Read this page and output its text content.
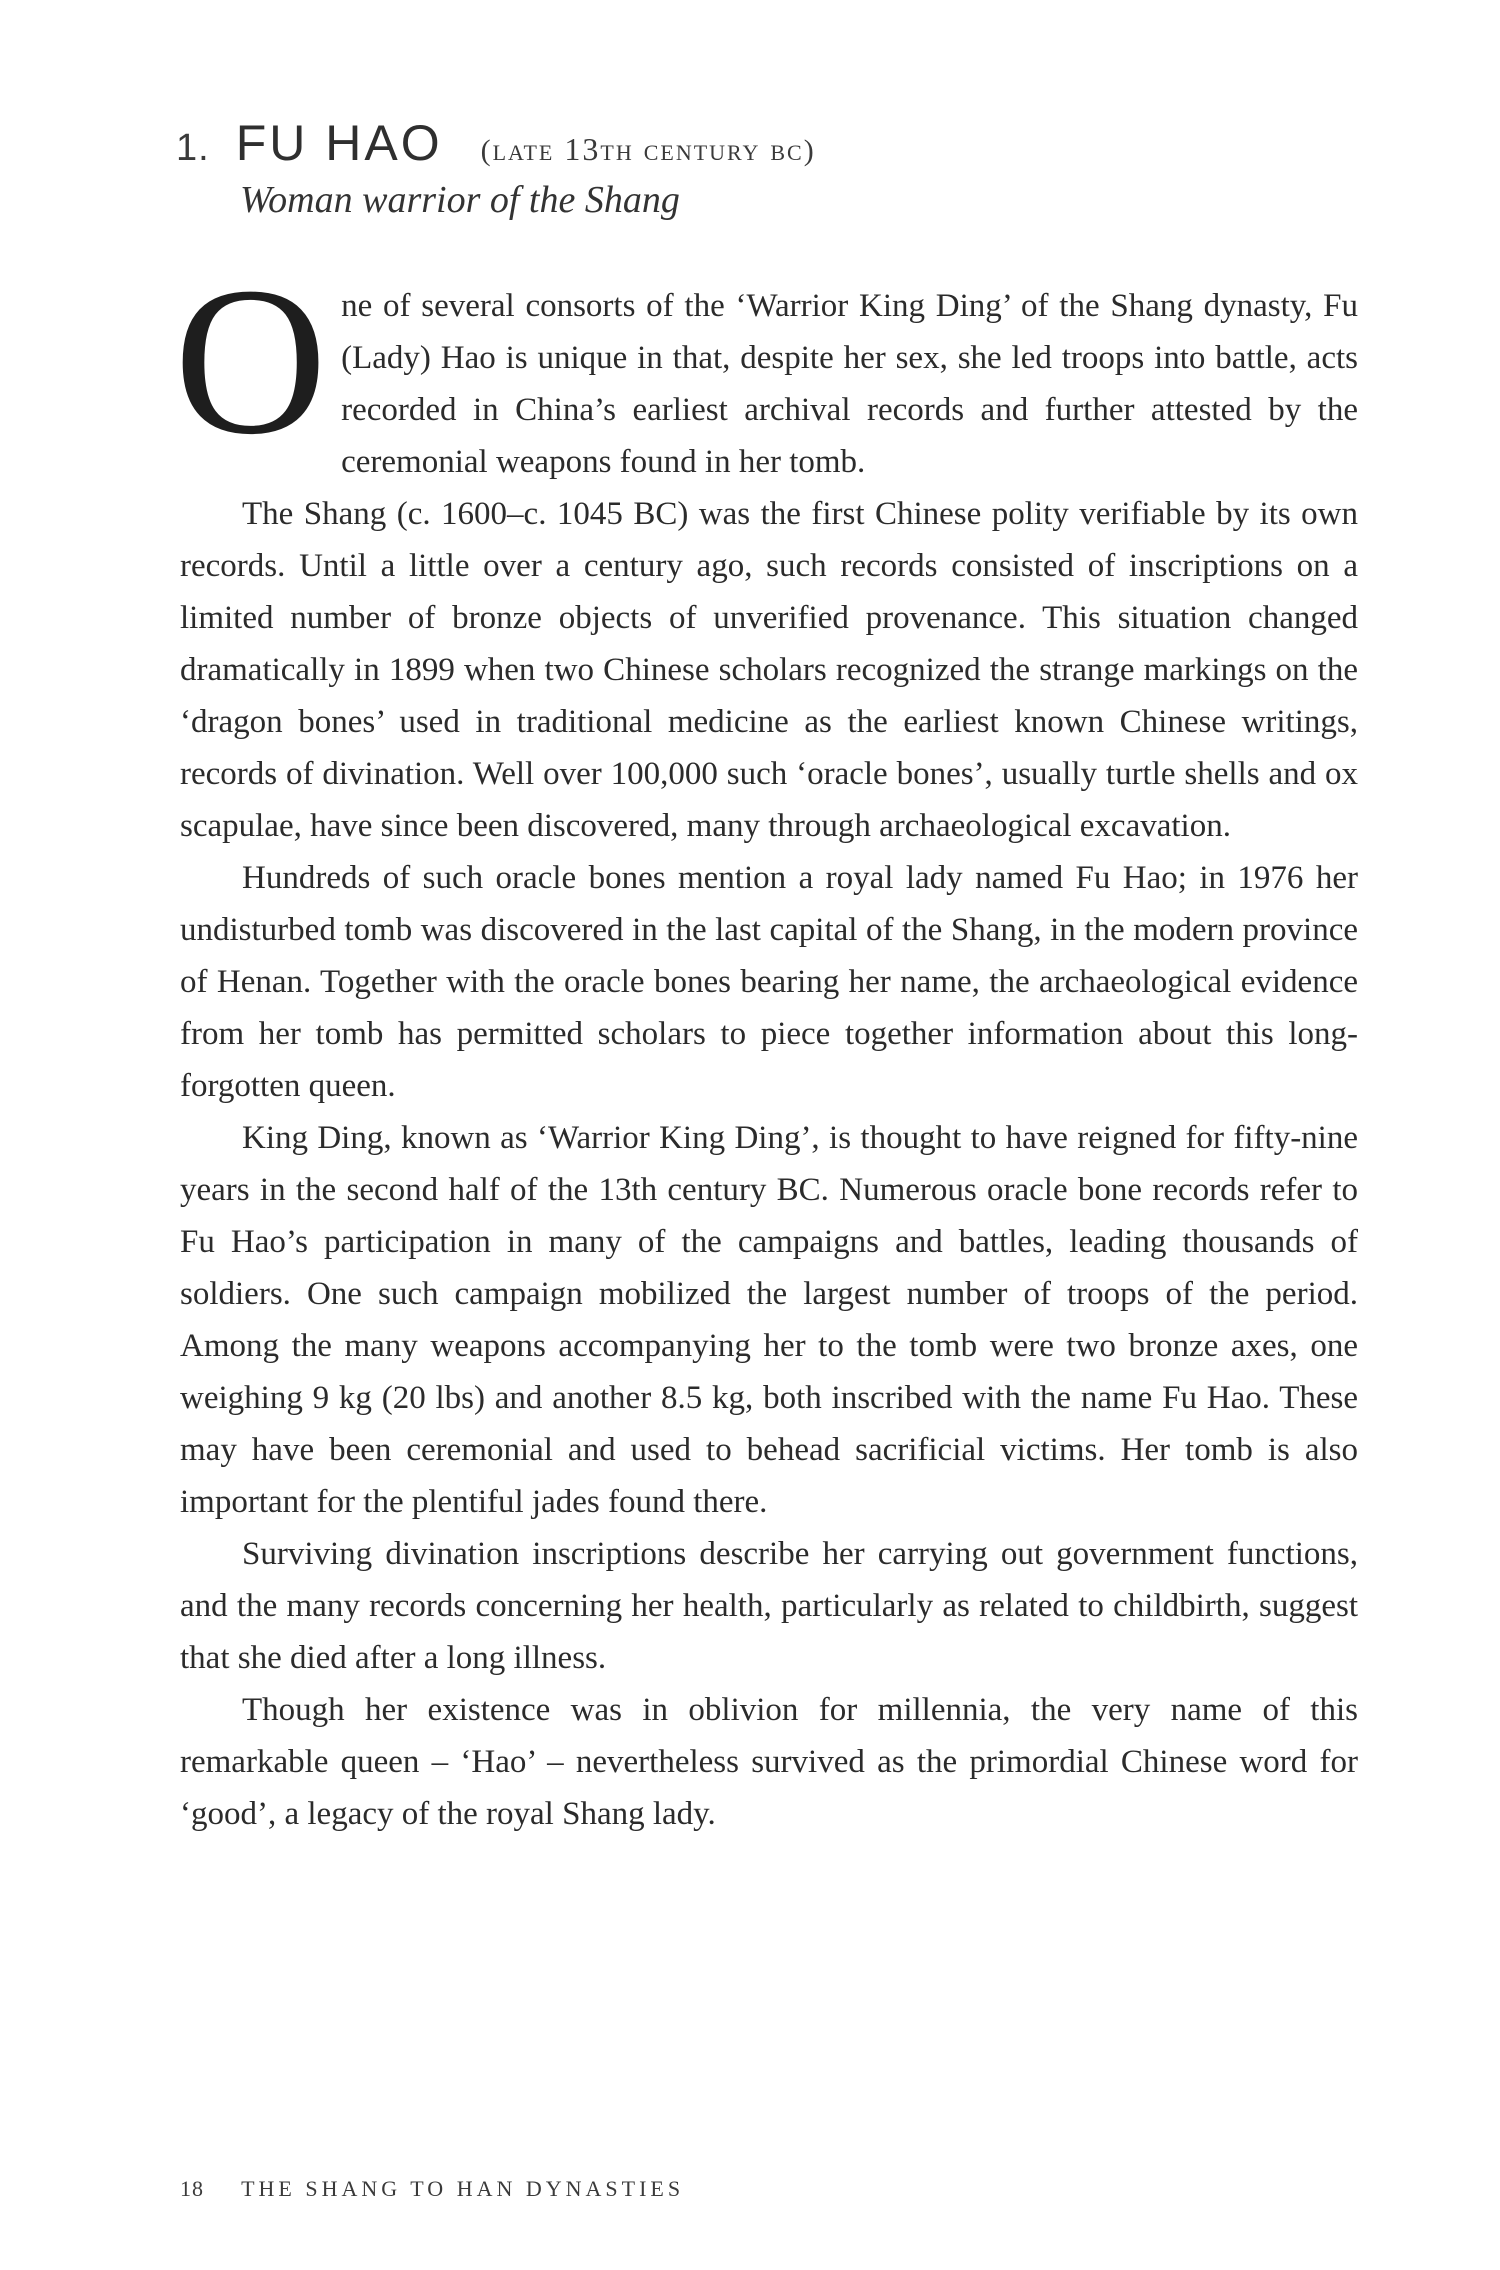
1. FU HAO (late 13th century bc)
Woman warrior of the Shang

One of several consorts of the ‘Warrior King Ding’ of the Shang dynasty, Fu (Lady) Hao is unique in that, despite her sex, she led troops into battle, acts recorded in China’s earliest archival records and further attested by the ceremonial weapons found in her tomb.

The Shang (c. 1600–c. 1045 BC) was the first Chinese polity verifiable by its own records. Until a little over a century ago, such records consisted of inscriptions on a limited number of bronze objects of unverified provenance. This situation changed dramatically in 1899 when two Chinese scholars recognized the strange markings on the ‘dragon bones’ used in traditional medicine as the earliest known Chinese writings, records of divination. Well over 100,000 such ‘oracle bones’, usually turtle shells and ox scapulae, have since been discovered, many through archaeological excavation.

Hundreds of such oracle bones mention a royal lady named Fu Hao; in 1976 her undisturbed tomb was discovered in the last capital of the Shang, in the modern province of Henan. Together with the oracle bones bearing her name, the archaeological evidence from her tomb has permitted scholars to piece together information about this long-forgotten queen.

King Ding, known as ‘Warrior King Ding’, is thought to have reigned for fifty-nine years in the second half of the 13th century BC. Numerous oracle bone records refer to Fu Hao’s participation in many of the campaigns and battles, leading thousands of soldiers. One such campaign mobilized the largest number of troops of the period. Among the many weapons accompanying her to the tomb were two bronze axes, one weighing 9 kg (20 lbs) and another 8.5 kg, both inscribed with the name Fu Hao. These may have been ceremonial and used to behead sacrificial victims. Her tomb is also important for the plentiful jades found there.

Surviving divination inscriptions describe her carrying out government functions, and the many records concerning her health, particularly as related to childbirth, suggest that she died after a long illness.

Though her existence was in oblivion for millennia, the very name of this remarkable queen – ‘Hao’ – nevertheless survived as the primordial Chinese word for ‘good’, a legacy of the royal Shang lady.

18 THE SHANG TO HAN DYNASTIES
